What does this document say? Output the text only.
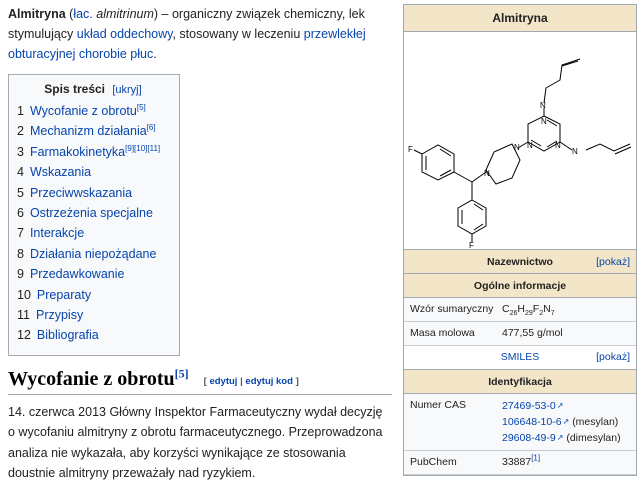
Almitryna (łac. almitrinum) – organiczny związek chemiczny, lek stymulujący układ oddechowy, stosowany w leczeniu przewlekłej obturacyjnej chorobie płuc.

Spis treści [ukryj]
1 Wycofanie z obrotu[5]
2 Mechanizm działania[6]
3 Farmakokinetyka[9][10][11]
4 Wskazania
5 Przeciwwskazania
6 Ostrzeżenia specjalne
7 Interakcje
8 Działania niepożądane
9 Przedawkowanie
10 Preparaty
11 Przypisy
12 Bibliografia
Wycofanie z obrotu[5] [ edytuj | edytuj kod ]

14. czerwca 2013 Główny Inspektor Farmaceutyczny wydał decyzję o wycofaniu almitryny z obrotu farmaceutycznego. Przeprowadzona analiza nie wykazała, aby korzyści wynikające ze stosowania doustnie almitryny przeważały nad ryzykiem.

Almitryna
N
N
N
N
N
N
N
F
F
Nazewnictwo	[pokaż]
Ogólne informacje
Wzór sumaryczny $C_{26}H_{29}F_2N_7$
Masa molowa	477,55 g/mol
SMILES	[pokaż]
Identyfikacja
Numer CAS	27469-53-0 ↗
106648-10-6 ↗ (mesylan)
29608-49-9 ↗ (dimesylan)
PubChem	33887[1]
